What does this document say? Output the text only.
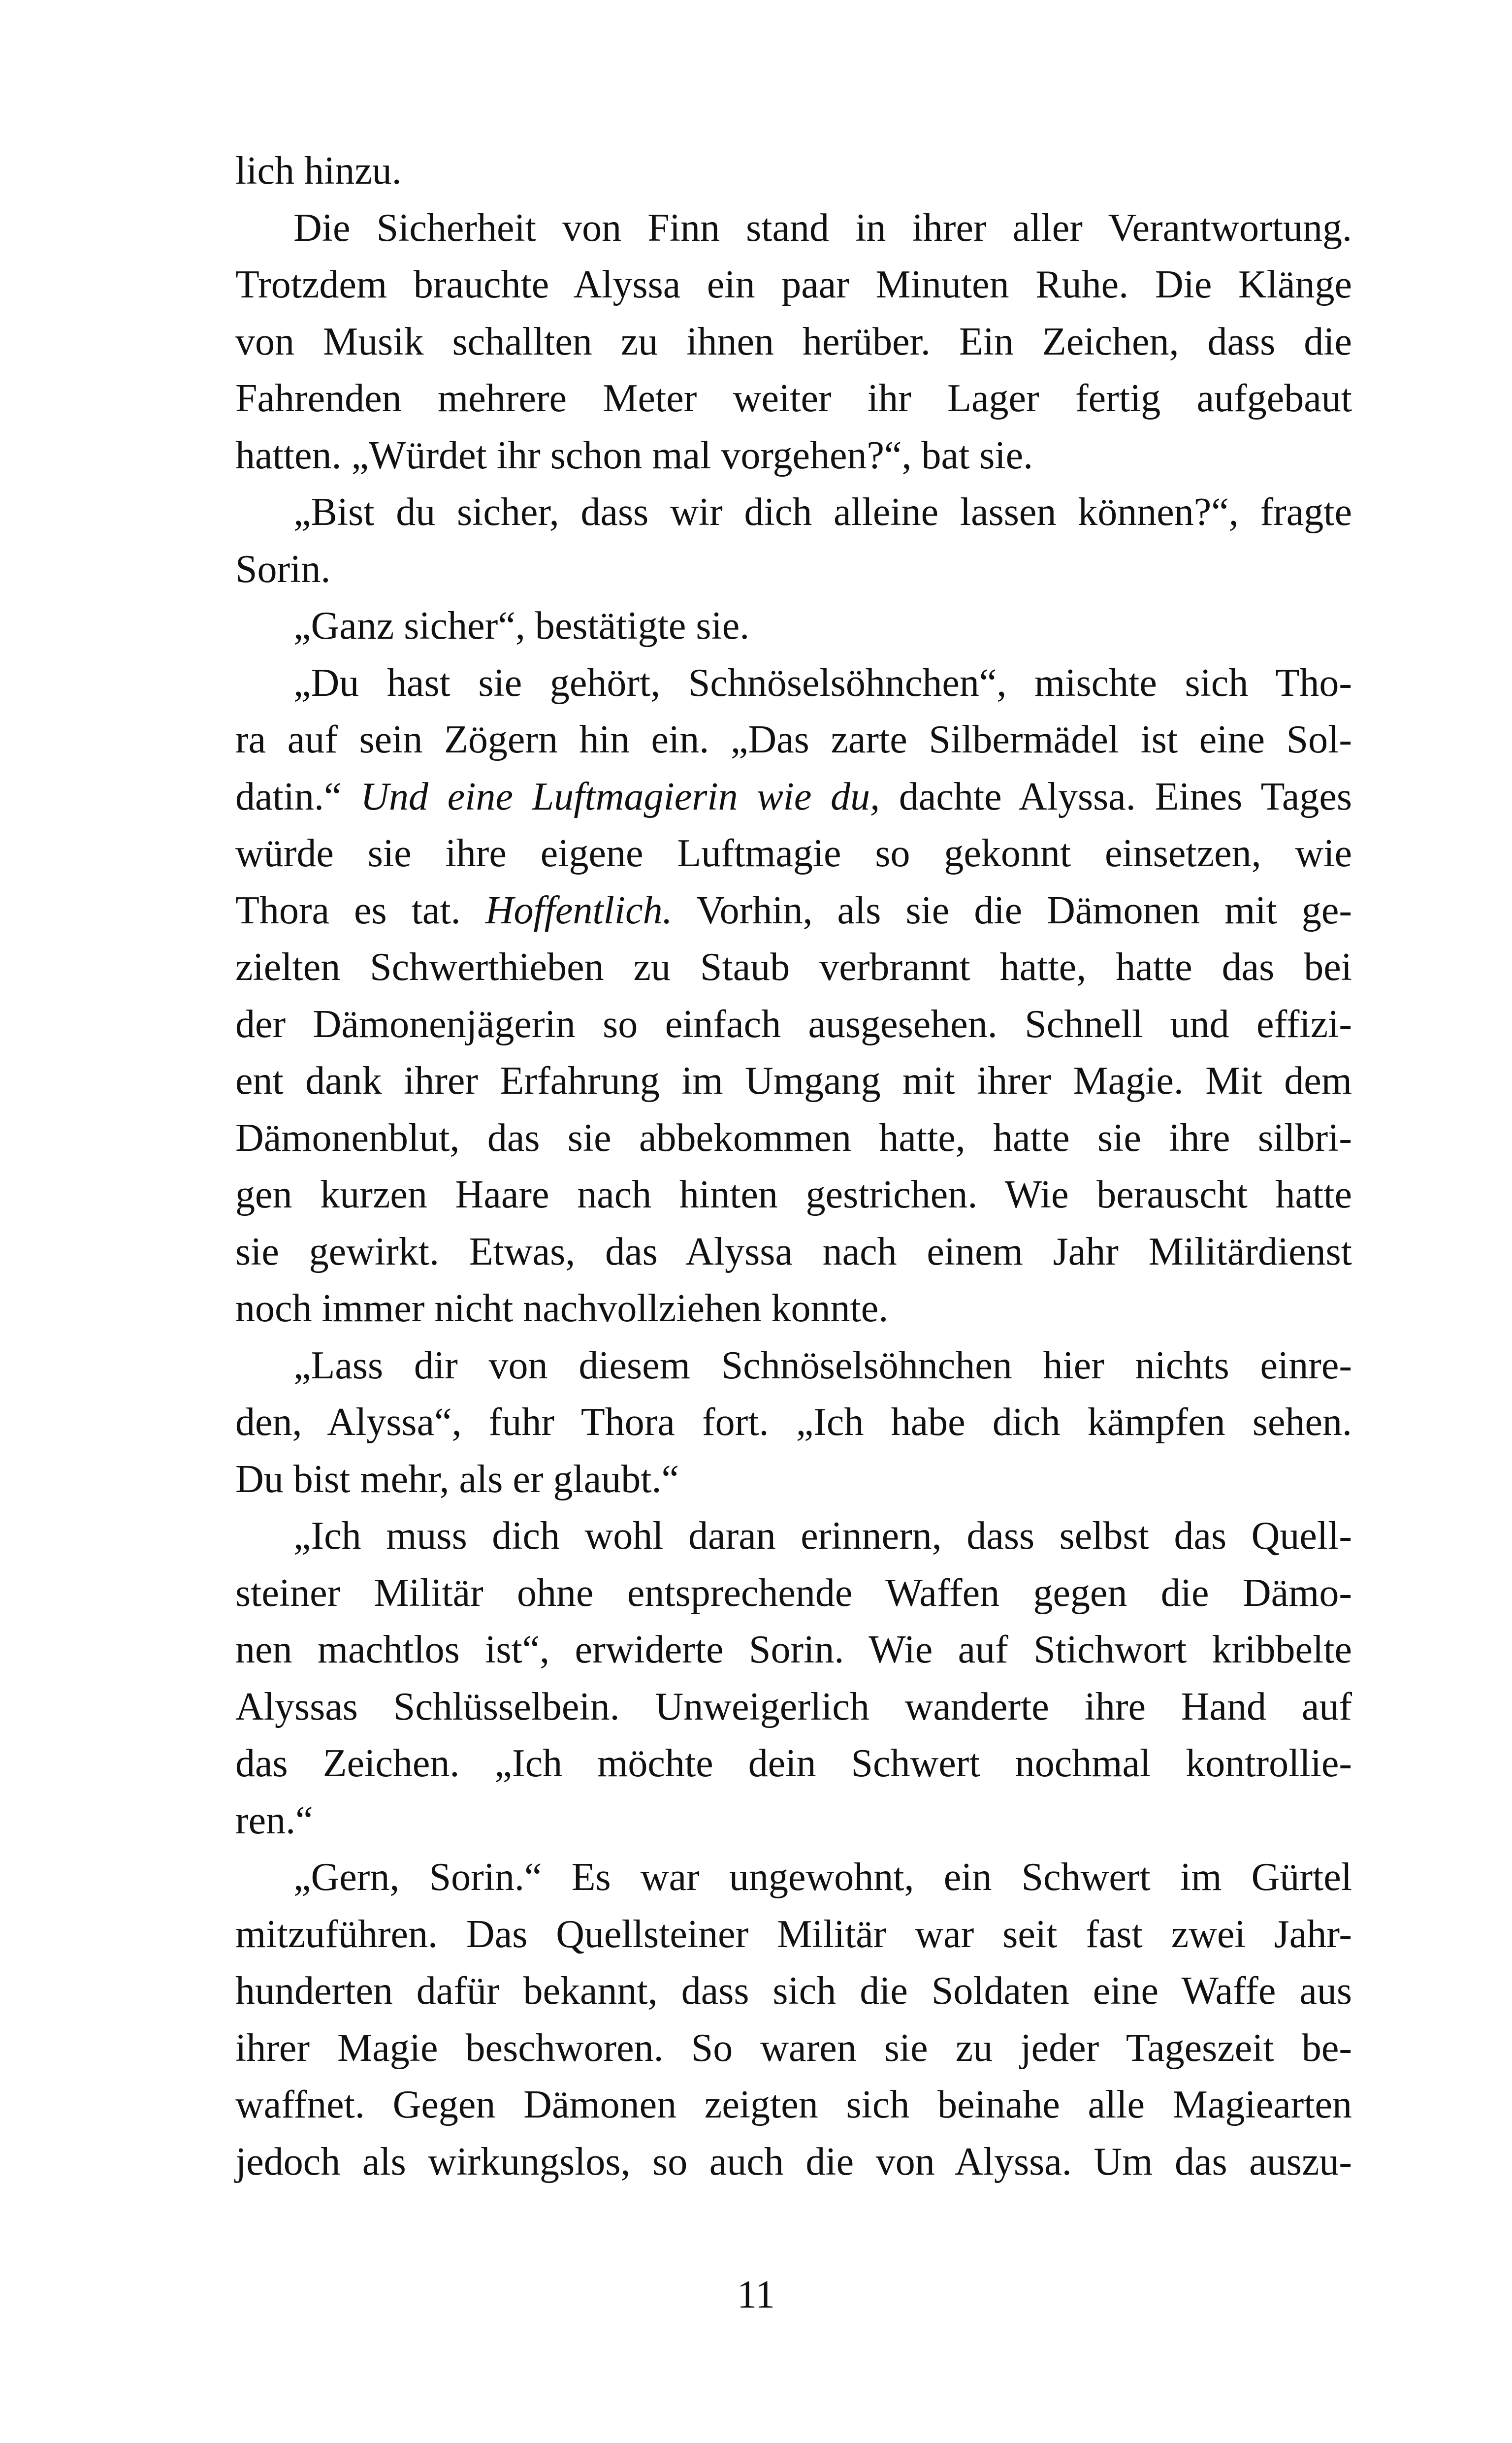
lich hinzu.
Die Sicherheit von Finn stand in ihrer aller Verantwortung.
Trotzdem brauchte Alyssa ein paar Minuten Ruhe. Die Klänge
von Musik schallten zu ihnen herüber. Ein Zeichen, dass die
Fahrenden mehrere Meter weiter ihr Lager fertig aufgebaut
hatten. „Würdet ihr schon mal vorgehen?“, bat sie.
„Bist du sicher, dass wir dich alleine lassen können?“, fragte
Sorin.
„Ganz sicher“, bestätigte sie.
„Du hast sie gehört, Schnöselsöhnchen“, mischte sich Tho-
ra auf sein Zögern hin ein. „Das zarte Silbermädel ist eine Sol-
datin.“ Und eine Luftmagierin wie du, dachte Alyssa. Eines Tages
würde sie ihre eigene Luftmagie so gekonnt einsetzen, wie
Thora es tat. Hoffentlich. Vorhin, als sie die Dämonen mit ge-
zielten Schwerthieben zu Staub verbrannt hatte, hatte das bei
der Dämonenjägerin so einfach ausgesehen. Schnell und effizi-
ent dank ihrer Erfahrung im Umgang mit ihrer Magie. Mit dem
Dämonenblut, das sie abbekommen hatte, hatte sie ihre silbri-
gen kurzen Haare nach hinten gestrichen. Wie berauscht hatte
sie gewirkt. Etwas, das Alyssa nach einem Jahr Militärdienst
noch immer nicht nachvollziehen konnte.
„Lass dir von diesem Schnöselsöhnchen hier nichts einre-
den, Alyssa“, fuhr Thora fort. „Ich habe dich kämpfen sehen.
Du bist mehr, als er glaubt.“
„Ich muss dich wohl daran erinnern, dass selbst das Quell-
steiner Militär ohne entsprechende Waffen gegen die Dämo-
nen machtlos ist“, erwiderte Sorin. Wie auf Stichwort kribbelte
Alyssas Schlüsselbein. Unweigerlich wanderte ihre Hand auf
das Zeichen. „Ich möchte dein Schwert nochmal kontrollie-
ren.“
„Gern, Sorin.“ Es war ungewohnt, ein Schwert im Gürtel
mitzuführen. Das Quellsteiner Militär war seit fast zwei Jahr-
hunderten dafür bekannt, dass sich die Soldaten eine Waffe aus
ihrer Magie beschworen. So waren sie zu jeder Tageszeit be-
waffnet. Gegen Dämonen zeigten sich beinahe alle Magiearten
jedoch als wirkungslos, so auch die von Alyssa. Um das auszu-
11
